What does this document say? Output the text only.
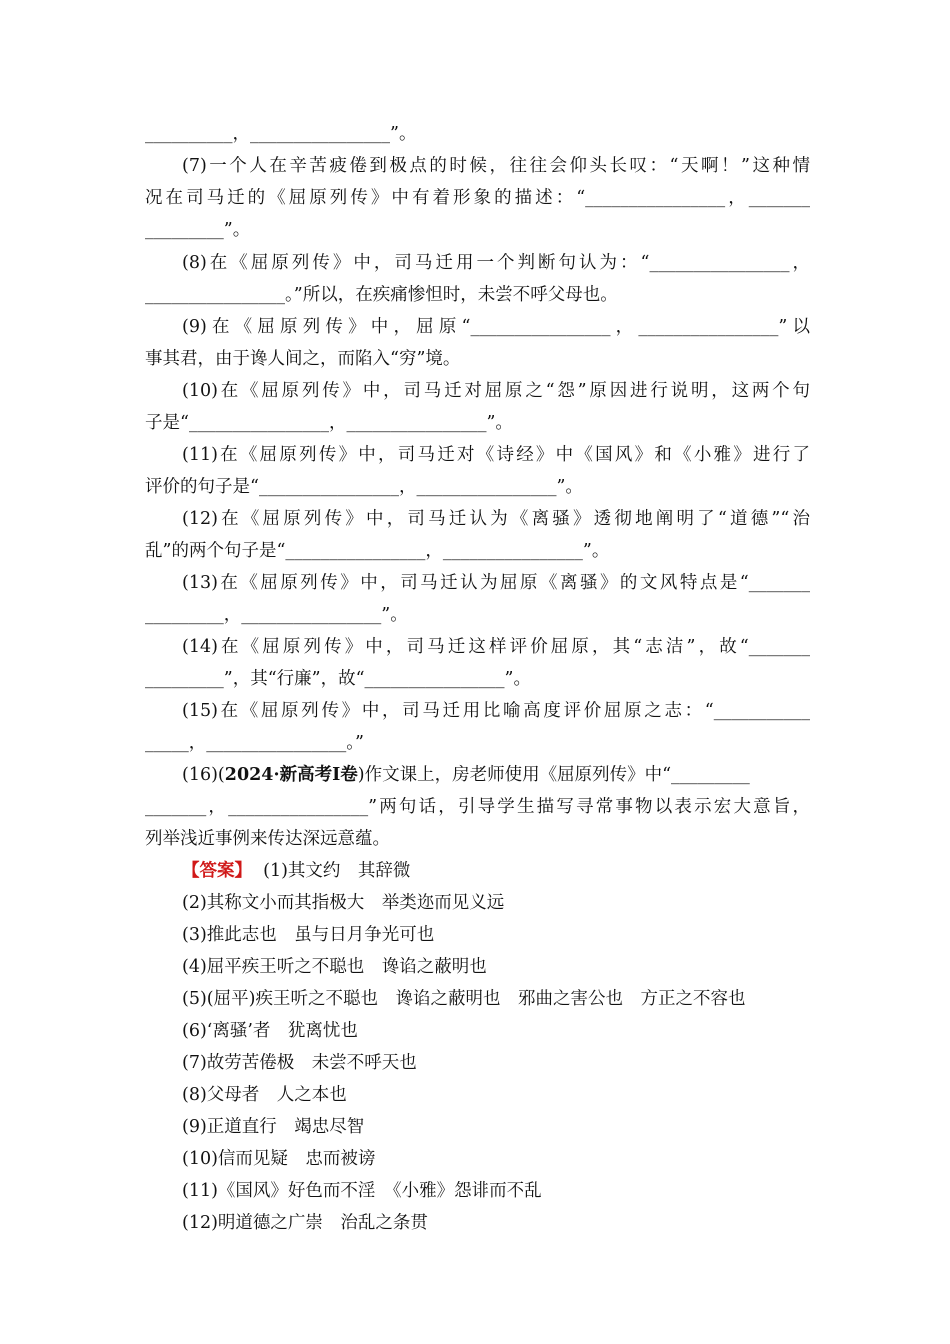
__________，________________”。
(7)一个人在辛苦疲倦到极点的时候，往往会仰头长叹：“天啊！”这种情
况在司马迁的《屈原列传》中有着形象的描述：“________________，_______
_________”。
(8)在《屈原列传》中，司马迁用一个判断句认为：“________________，
________________。”所以，在疾痛惨怛时，未尝不呼父母也。
(9)在《屈原列传》中，屈原“________________，________________”以
事其君，由于谗人间之，而陷入“穷”境。
(10)在《屈原列传》中，司马迁对屈原之“怨”原因进行说明，这两个句
子是“________________，________________”。
(11)在《屈原列传》中，司马迁对《诗经》中《国风》和《小雅》进行了
评价的句子是“________________，________________”。
(12)在《屈原列传》中，司马迁认为《离骚》透彻地阐明了“道德”“治
乱”的两个句子是“________________，________________”。
(13)在《屈原列传》中，司马迁认为屈原《离骚》的文风特点是“_______
_________，________________”。
(14)在《屈原列传》中，司马迁这样评价屈原，其“志洁”，故“_______
_________”，其“行廉”，故“________________”。
(15)在《屈原列传》中，司马迁用比喻高度评价屈原之志：“___________
_____，________________。”
(16)(2024·新高考Ⅰ卷)作文课上，房老师使用《屈原列传》中“_________
_______，________________”两句话，引导学生描写寻常事物以表示宏大意旨，
列举浅近事例来传达深远意蕴。
【答案】  (1)其文约　其辞微
(2)其称文小而其指极大　举类迩而见义远
(3)推此志也　虽与日月争光可也
(4)屈平疾王听之不聪也　谗谄之蔽明也
(5)(屈平)疾王听之不聪也　谗谄之蔽明也　邪曲之害公也　方正之不容也
(6)‘离骚’者　犹离忧也
(7)故劳苦倦极　未尝不呼天也
(8)父母者　人之本也
(9)正道直行　竭忠尽智
(10)信而见疑　忠而被谤
(11)《国风》好色而不淫　《小雅》怨诽而不乱
(12)明道德之广崇　治乱之条贯
